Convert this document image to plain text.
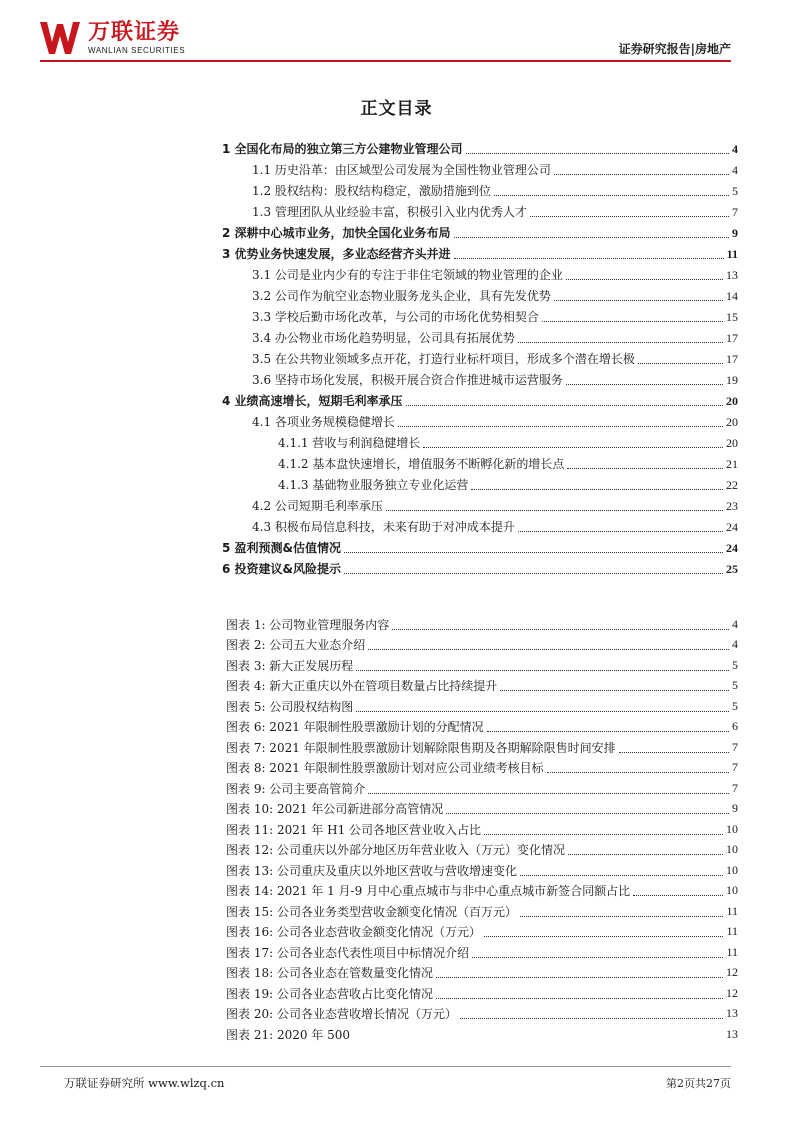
万联证券
WANLIAN SECURITIES	证券研究报告|房地产
正文目录
1 全国化布局的独立第三方公建物业管理公司	4
1.1 历史沿革：由区域型公司发展为全国性物业管理公司	4
1.2 股权结构：股权结构稳定，激励措施到位	5
1.3 管理团队从业经验丰富，积极引入业内优秀人才	7
2 深耕中心城市业务，加快全国化业务布局	9
3 优势业务快速发展，多业态经营齐头并进	11
3.1 公司是业内少有的专注于非住宅领域的物业管理的企业	13
3.2 公司作为航空业态物业服务龙头企业，具有先发优势	14
3.3 学校后勤市场化改革，与公司的市场化优势相契合	15
3.4 办公物业市场化趋势明显，公司具有拓展优势	17
3.5 在公共物业领域多点开花，打造行业标杆项目，形成多个潜在增长极	17
3.6 坚持市场化发展，积极开展合资合作推进城市运营服务	19
4 业绩高速增长，短期毛利率承压	20
4.1 各项业务规模稳健增长	20
4.1.1 营收与利润稳健增长	20
4.1.2 基本盘快速增长，增值服务不断孵化新的增长点	21
4.1.3 基础物业服务独立专业化运营	22
4.2 公司短期毛利率承压	23
4.3 积极布局信息科技，未来有助于对冲成本提升	24
5 盈利预测&估值情况	24
6 投资建议&风险提示	25
图表 1: 公司物业管理服务内容	4
图表 2: 公司五大业态介绍	4
图表 3: 新大正发展历程	5
图表 4: 新大正重庆以外在管项目数量占比持续提升	5
图表 5: 公司股权结构图	5
图表 6: 2021 年限制性股票激励计划的分配情况	6
图表 7: 2021 年限制性股票激励计划解除限售期及各期解除限售时间安排	7
图表 8: 2021 年限制性股票激励计划对应公司业绩考核目标	7
图表 9: 公司主要高管简介	7
图表 10: 2021 年公司新进部分高管情况	9
图表 11: 2021 年 H1 公司各地区营业收入占比	10
图表 12: 公司重庆以外部分地区历年营业收入（万元）变化情况	10
图表 13: 公司重庆及重庆以外地区营收与营收增速变化	10
图表 14: 2021 年 1 月-9 月中心重点城市与非中心重点城市新签合同额占比	10
图表 15: 公司各业务类型营收金额变化情况（百万元）	11
图表 16: 公司各业态营收金额变化情况（万元）	11
图表 17: 公司各业态代表性项目中标情况介绍	11
图表 18: 公司各业态在管数量变化情况	12
图表 19: 公司各业态营收占比变化情况	12
图表 20: 公司各业态营收增长情况（万元）	13
图表 21: 2020 年 500	13
万联证券研究所 www.wlzq.cn	第2页共27页
